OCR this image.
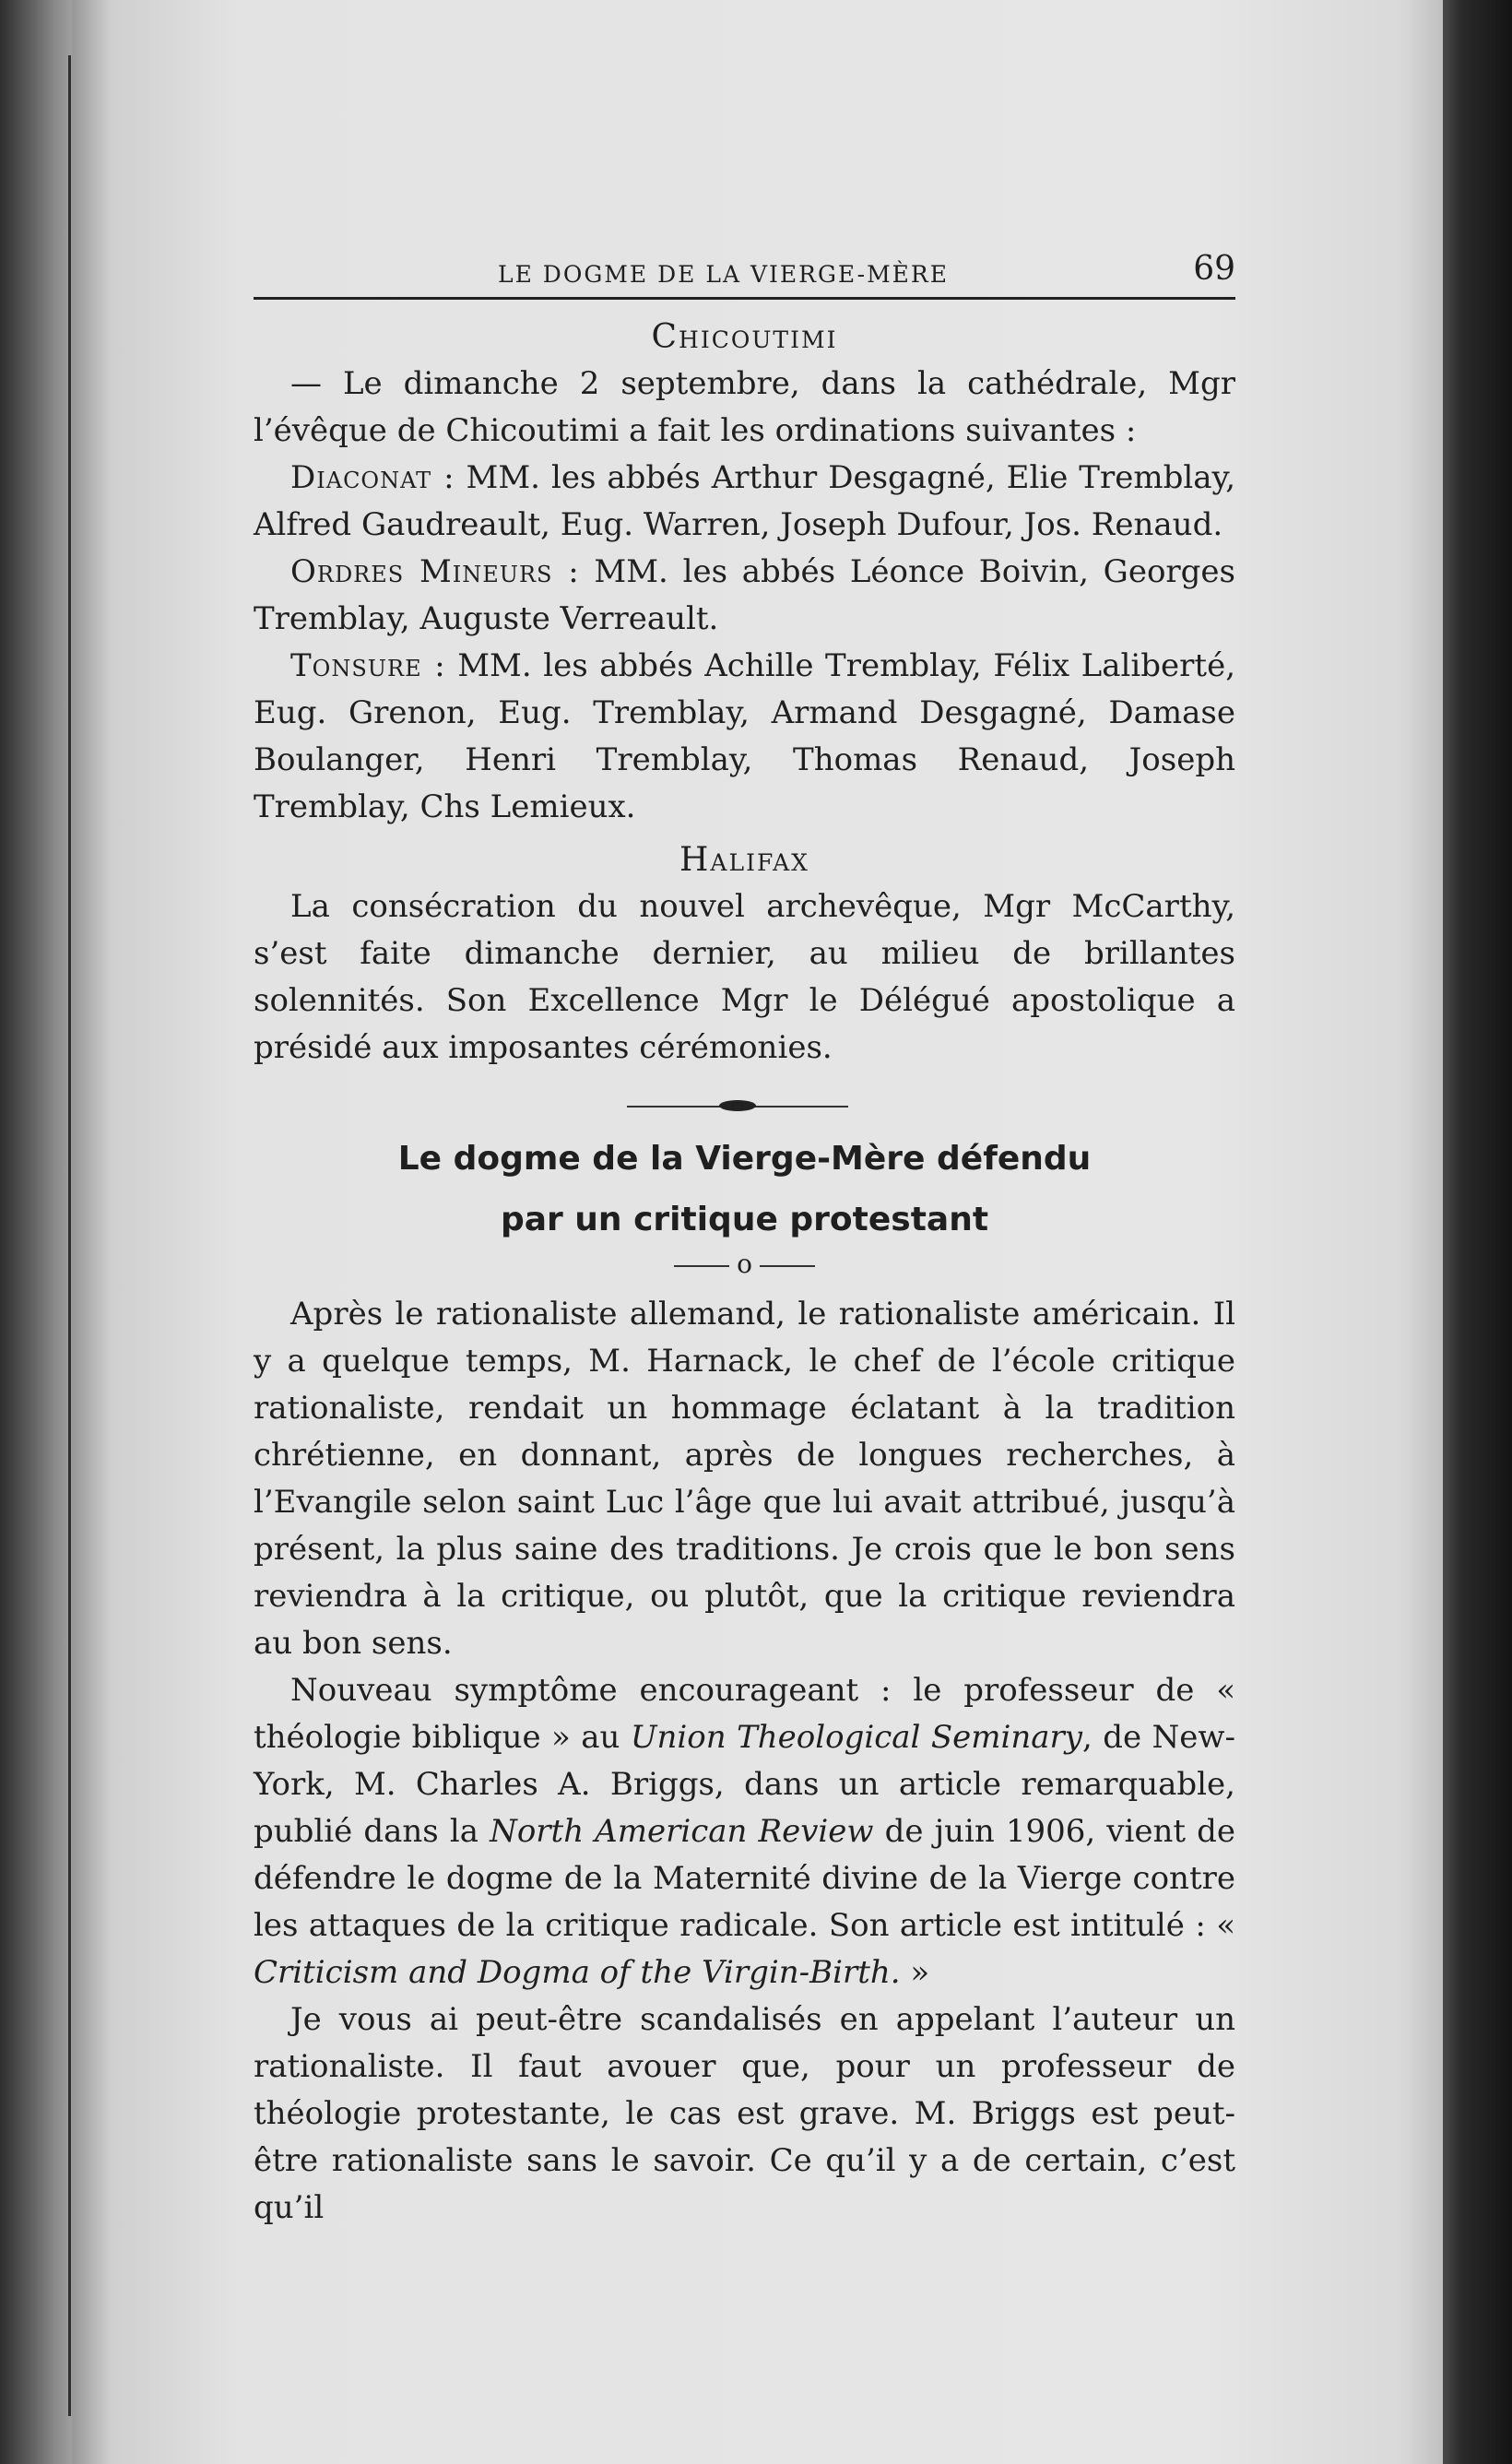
LE DOGME DE LA VIERGE-MÈRE	69
Chicoutimi

— Le dimanche 2 septembre, dans la cathédrale, Mgr l’évêque de Chicoutimi a fait les ordinations suivantes :

Diaconat : MM. les abbés Arthur Desgagné, Elie Tremblay, Alfred Gaudreault, Eug. Warren, Joseph Dufour, Jos. Renaud.

Ordres Mineurs : MM. les abbés Léonce Boivin, Georges Tremblay, Auguste Verreault.

Tonsure : MM. les abbés Achille Tremblay, Félix Laliberté, Eug. Grenon, Eug. Tremblay, Armand Desgagné, Damase Boulanger, Henri Tremblay, Thomas Renaud, Joseph Tremblay, Chs Lemieux.

Halifax

La consécration du nouvel archevêque, Mgr McCarthy, s’est faite dimanche dernier, au milieu de brillantes solennités. Son Excellence Mgr le Délégué apostolique a présidé aux imposantes cérémonies.

Le dogme de la Vierge-Mère défendu

par un critique protestant

o

Après le rationaliste allemand, le rationaliste américain. Il y a quelque temps, M. Harnack, le chef de l’école critique rationaliste, rendait un hommage éclatant à la tradition chrétienne, en donnant, après de longues recherches, à l’Evangile selon saint Luc l’âge que lui avait attribué, jusqu’à présent, la plus saine des traditions. Je crois que le bon sens reviendra à la critique, ou plutôt, que la critique reviendra au bon sens.

Nouveau symptôme encourageant : le professeur de « théologie biblique » au Union Theological Seminary, de New-York, M. Charles A. Briggs, dans un article remarquable, publié dans la North American Review de juin 1906, vient de défendre le dogme de la Maternité divine de la Vierge contre les attaques de la critique radicale. Son article est intitulé : « Criticism and Dogma of the Virgin-Birth. »

Je vous ai peut-être scandalisés en appelant l’auteur un rationaliste. Il faut avouer que, pour un professeur de théologie protestante, le cas est grave. M. Briggs est peut-être rationaliste sans le savoir. Ce qu’il y a de certain, c’est qu’il
